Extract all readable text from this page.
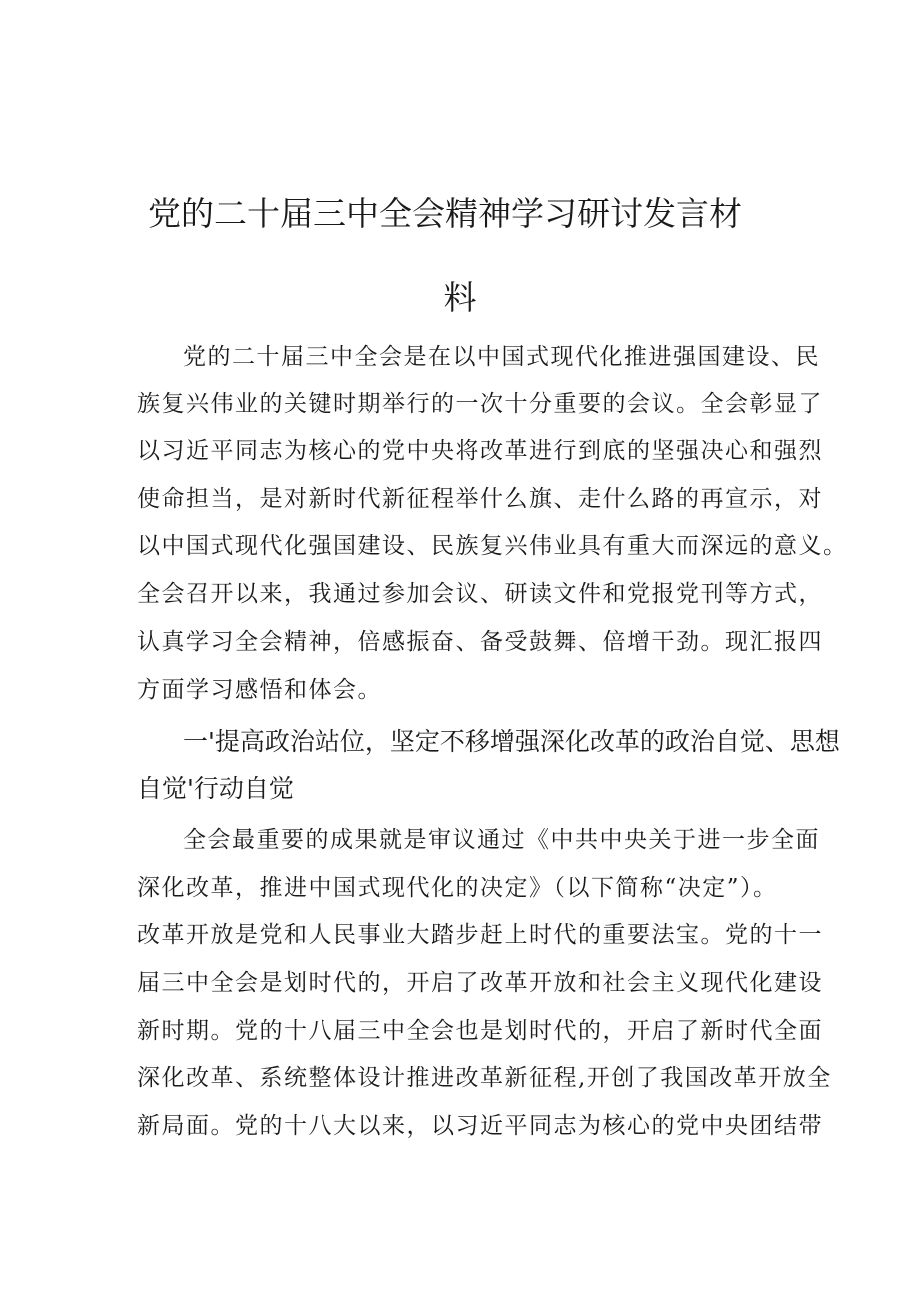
党的二十届三中全会精神学习研讨发言材
料
党的二十届三中全会是在以中国式现代化推进强国建设、民
族复兴伟业的关键时期举行的一次十分重要的会议。全会彰显了
以习近平同志为核心的党中央将改革进行到底的坚强决心和强烈
使命担当，是对新时代新征程举什么旗、走什么路的再宣示，对
以中国式现代化强国建设、民族复兴伟业具有重大而深远的意义。
全会召开以来，我通过参加会议、研读文件和党报党刊等方式，
认真学习全会精神，倍感振奋、备受鼓舞、倍增干劲。现汇报四
方面学习感悟和体会。
一'提高政治站位，坚定不移增强深化改革的政治自觉、思想
自觉'行动自觉
全会最重要的成果就是审议通过《中共中央关于进一步全面
深化改革，推进中国式现代化的决定》（以下简称“决定”）。
改革开放是党和人民事业大踏步赶上时代的重要法宝。党的十一
届三中全会是划时代的，开启了改革开放和社会主义现代化建设
新时期。党的十八届三中全会也是划时代的，开启了新时代全面
深化改革、系统整体设计推进改革新征程,开创了我国改革开放全
新局面。党的十八大以来，以习近平同志为核心的党中央团结带
